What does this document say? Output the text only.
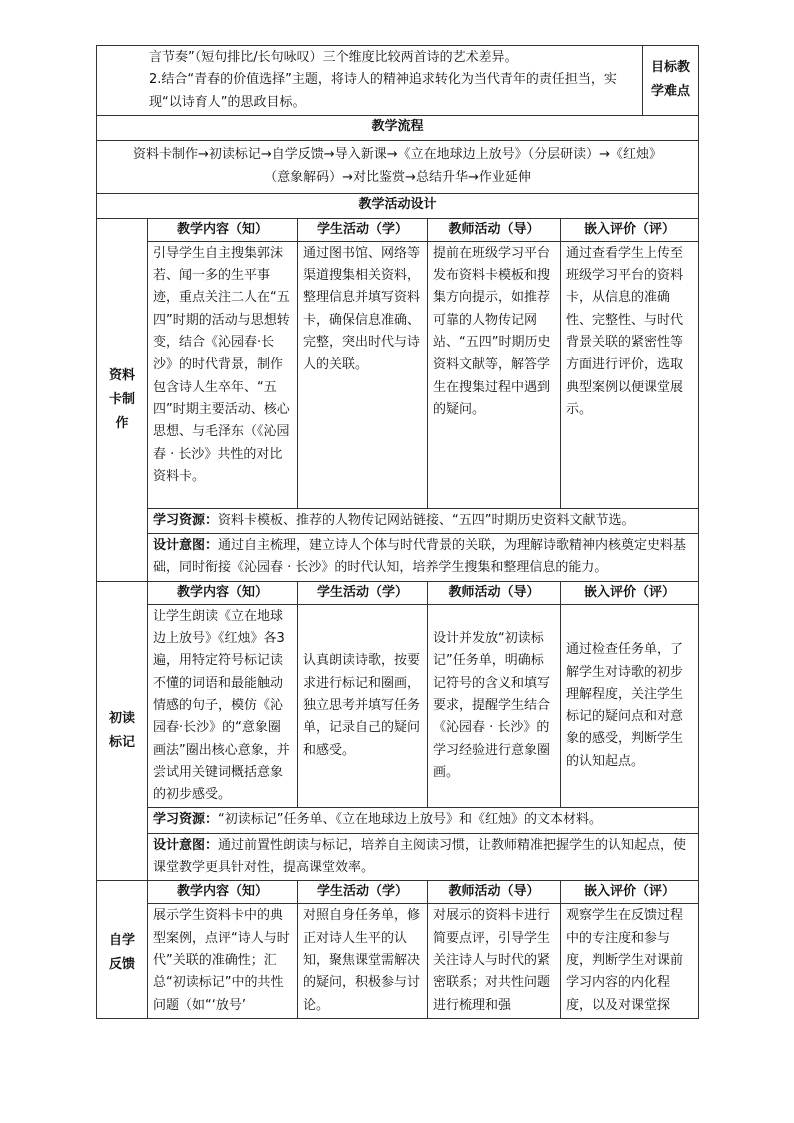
言节奏”（短句排比/长句咏叹）三个维度比较两首诗的艺术差异。
2.结合“青春的价值选择”主题，将诗人的精神追求转化为当代青年的责任担当，实现“以诗育人”的思政目标。					目标教学难点
教学流程					
资料卡制作→初读标记→自学反馈→导入新课→《立在地球边上放号》（分层研读）→《红烛》（意象解码）→对比鉴赏→总结升华→作业延伸					
教学活动设计					
资料卡制作	教学内容（知）	学生活动（学）	教师活动（导）	嵌入评价（评）	
	引导学生自主搜集郭沫若、闻一多的生平事迹，重点关注二人在“五四”时期的活动与思想转变，结合《沁园春·长沙》的时代背景，制作包含诗人生卒年、“五四”时期主要活动、核心思想、与毛泽东（《沁园春 · 长沙》共性的对比资料卡。	通过图书馆、网络等渠道搜集相关资料，整理信息并填写资料卡，确保信息准确、完整，突出时代与诗人的关联。	提前在班级学习平台发布资料卡模板和搜集方向提示，如推荐可靠的人物传记网站、“五四”时期历史资料文献等，解答学生在搜集过程中遇到的疑问。	通过查看学生上传至班级学习平台的资料卡，从信息的准确性、完整性、与时代背景关联的紧密性等方面进行评价，选取典型案例以便课堂展示。	
	学习资源：资料卡模板、推荐的人物传记网站链接、“五四”时期历史资料文献节选。				
	设计意图：通过自主梳理，建立诗人个体与时代背景的关联，为理解诗歌精神内核奠定史料基础，同时衔接《沁园春 · 长沙》的时代认知，培养学生搜集和整理信息的能力。				
初读标记	教学内容（知）	学生活动（学）	教师活动（导）	嵌入评价（评）	
	让学生朗读《立在地球边上放号》《红烛》各3遍，用特定符号标记读不懂的词语和最能触动情感的句子，模仿《沁园春·长沙》的“意象圈画法”圈出核心意象，并尝试用关键词概括意象的初步感受。	认真朗读诗歌，按要求进行标记和圈画，独立思考并填写任务单，记录自己的疑问和感受。	设计并发放“初读标记”任务单，明确标记符号的含义和填写要求，提醒学生结合《沁园春 · 长沙》的学习经验进行意象圈画。	通过检查任务单，了解学生对诗歌的初步理解程度，关注学生标记的疑问点和对意象的感受，判断学生的认知起点。	
	学习资源：“初读标记”任务单、《立在地球边上放号》和《红烛》的文本材料。				
	设计意图：通过前置性朗读与标记，培养自主阅读习惯，让教师精准把握学生的认知起点，使课堂教学更具针对性，提高课堂效率。				
自学反馈	教学内容（知）	学生活动（学）	教师活动（导）	嵌入评价（评）	
	展示学生资料卡中的典型案例，点评“诗人与时代”关联的准确性；汇总“初读标记”中的共性问题（如“‘放号’	对照自身任务单，修正对诗人生平的认知，聚焦课堂需解决的疑问，积极参与讨论。	对展示的资料卡进行简要点评，引导学生关注诗人与时代的紧密联系；对共性问题进行梳理和强	观察学生在反馈过程中的专注度和参与度，判断学生对课前学习内容的内化程度，以及对课堂探	
